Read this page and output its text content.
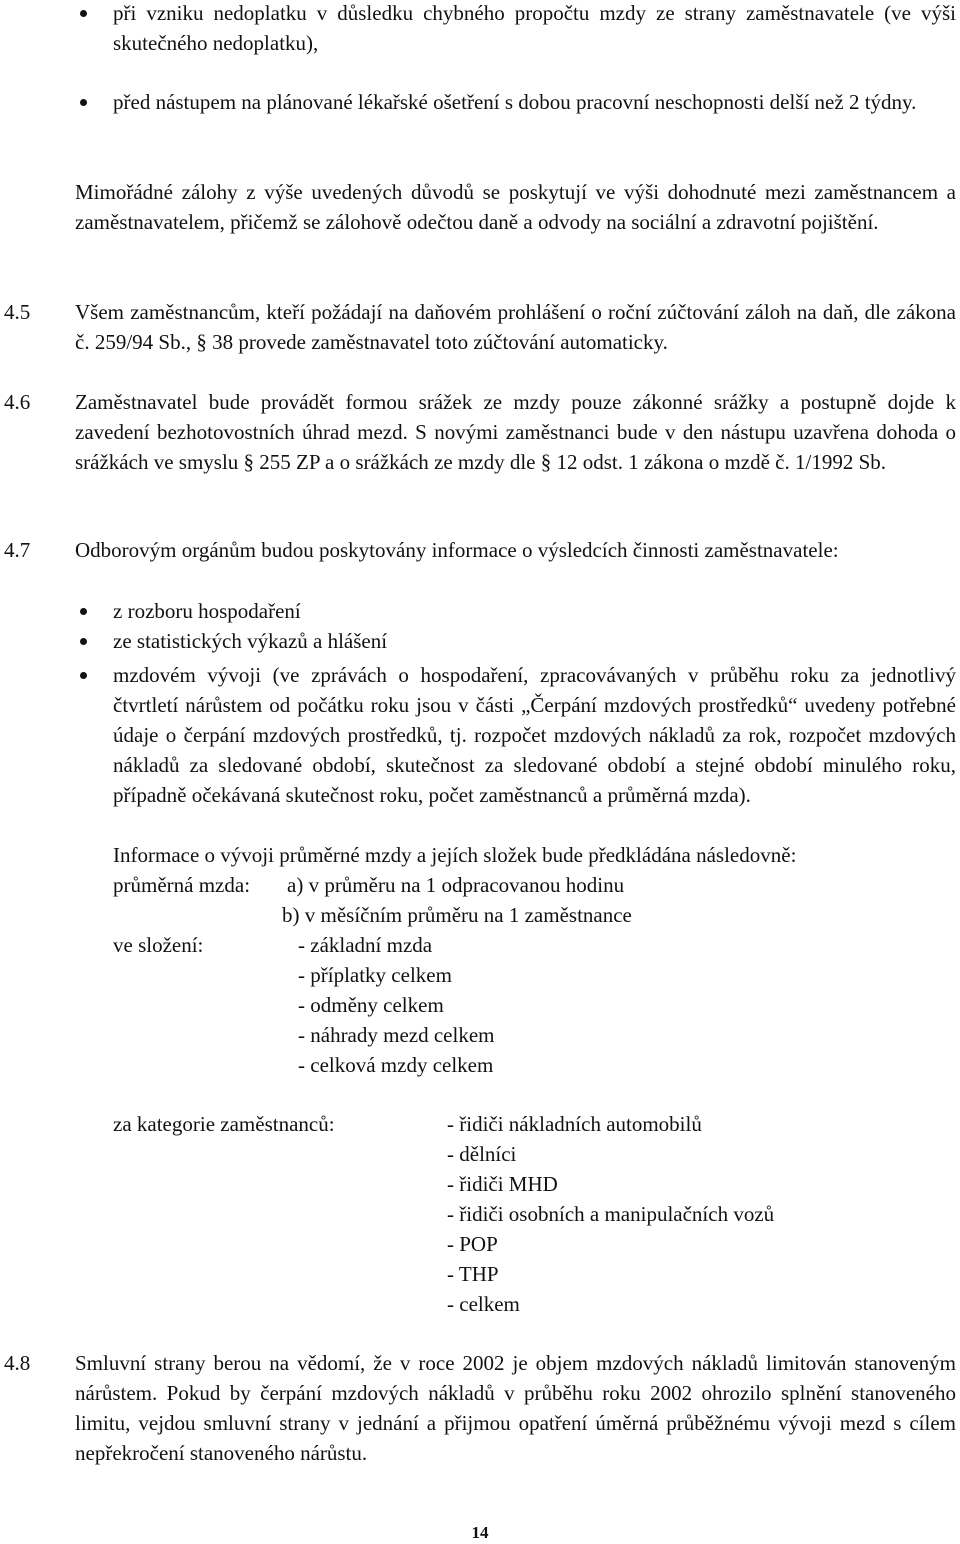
při vzniku nedoplatku v důsledku chybného propočtu mzdy ze strany zaměstnavatele (ve výši skutečného nedoplatku),
před nástupem na plánované lékařské ošetření s dobou pracovní neschopnosti delší než 2 týdny.
Mimořádné zálohy z výše uvedených důvodů se poskytují ve výši dohodnuté mezi zaměstnancem a zaměstnavatelem, přičemž se zálohově odečtou daně a odvody na sociální a zdravotní pojištění.
4.5 Všem zaměstnancům, kteří požádají na daňovém prohlášení o roční zúčtování záloh na daň, dle zákona č. 259/94 Sb., § 38 provede zaměstnavatel toto zúčtování automaticky.
4.6 Zaměstnavatel bude provádět formou srážek ze mzdy pouze zákonné srážky a postupně dojde k zavedení bezhotovostních úhrad mezd. S novými zaměstnanci bude v den nástupu uzavřena dohoda o srážkách ve smyslu § 255 ZP a o srážkách ze mzdy dle § 12 odst. 1 zákona o mzdě č. 1/1992 Sb.
4.7 Odborovým orgánům budou poskytovány informace o výsledcích činnosti zaměstnavatele:
z rozboru hospodaření
ze statistických výkazů a hlášení
mzdovém vývoji (ve zprávách o hospodaření, zpracovávaných v průběhu roku za jednotlivý čtvrtletí nárůstem od počátku roku jsou v části „Čerpání mzdových prostředků“ uvedeny potřebné údaje o čerpání mzdových prostředků, tj. rozpočet mzdových nákladů za rok, rozpočet mzdových nákladů za sledované období, skutečnost za sledované období a stejné období minulého roku, případně očekávaná skutečnost roku, počet zaměstnanců a průměrná mzda).
Informace o vývoji průměrné mzdy a jejích složek bude předkládána následovně:
průměrná mzda: a) v průměru na 1 odpracovanou hodinu
b) v měsíčním průměru na 1 zaměstnance
ve složení:	- základní mzda
- příplatky celkem
- odměny celkem
- náhrady mezd celkem
- celková mzdy celkem
za kategorie zaměstnanců:	- řidiči nákladních automobilů
- dělníci
- řidiči MHD
- řidiči osobních a manipulačních vozů
- POP
- THP
- celkem
4.8 Smluvní strany berou na vědomí, že v roce 2002 je objem mzdových nákladů limitován stanoveným nárůstem. Pokud by čerpání mzdových nákladů v průběhu roku 2002 ohrozilo splnění stanoveného limitu, vejdou smluvní strany v jednání a přijmou opatření úměrná průběžnému vývoji mezd s cílem nepřekročení stanoveného nárůstu.
14
